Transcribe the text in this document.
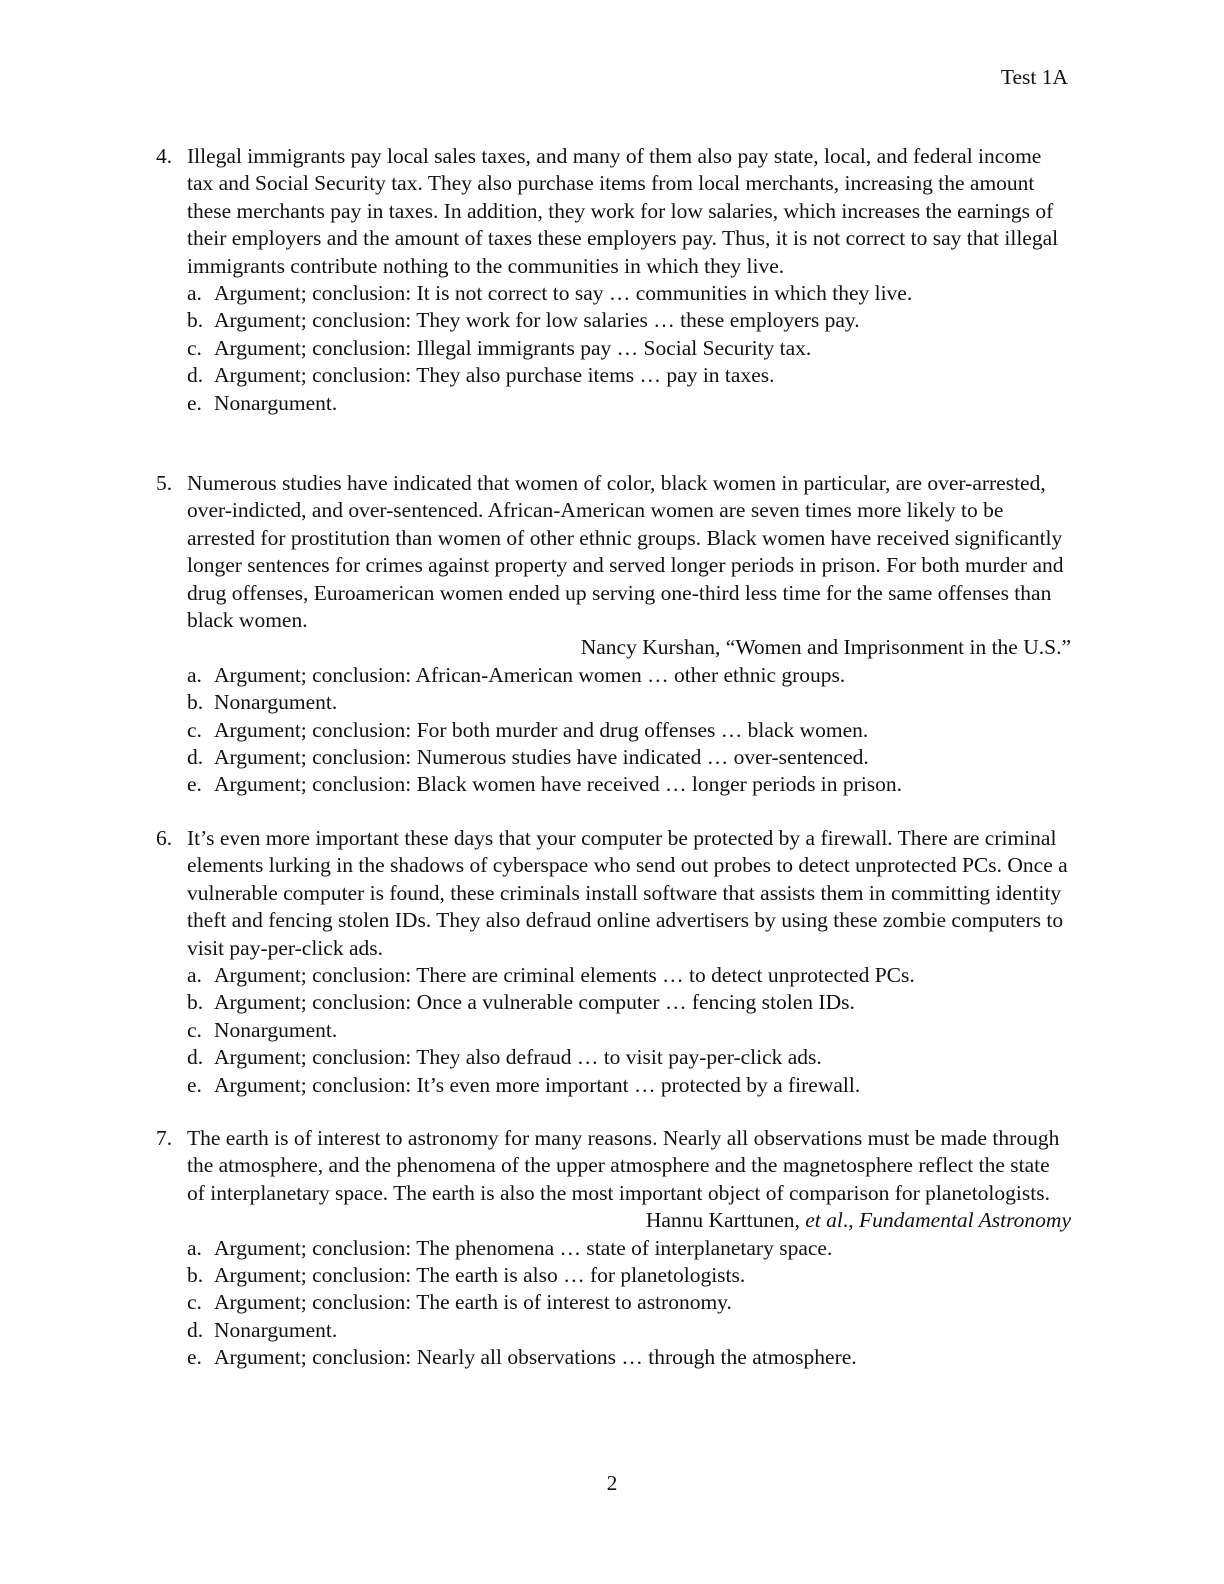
Test 1A
4. Illegal immigrants pay local sales taxes, and many of them also pay state, local, and federal income tax and Social Security tax. They also purchase items from local merchants, increasing the amount these merchants pay in taxes. In addition, they work for low salaries, which increases the earnings of their employers and the amount of taxes these employers pay. Thus, it is not correct to say that illegal immigrants contribute nothing to the communities in which they live.
a. Argument; conclusion: It is not correct to say … communities in which they live.
b. Argument; conclusion: They work for low salaries … these employers pay.
c. Argument; conclusion: Illegal immigrants pay … Social Security tax.
d. Argument; conclusion: They also purchase items … pay in taxes.
e. Nonargument.
5. Numerous studies have indicated that women of color, black women in particular, are over-arrested, over-indicted, and over-sentenced. African-American women are seven times more likely to be arrested for prostitution than women of other ethnic groups. Black women have received significantly longer sentences for crimes against property and served longer periods in prison. For both murder and drug offenses, Euroamerican women ended up serving one-third less time for the same offenses than black women.
Nancy Kurshan, “Women and Imprisonment in the U.S.”
a. Argument; conclusion: African-American women … other ethnic groups.
b. Nonargument.
c. Argument; conclusion: For both murder and drug offenses … black women.
d. Argument; conclusion: Numerous studies have indicated … over-sentenced.
e. Argument; conclusion: Black women have received … longer periods in prison.
6. It’s even more important these days that your computer be protected by a firewall. There are criminal elements lurking in the shadows of cyberspace who send out probes to detect unprotected PCs. Once a vulnerable computer is found, these criminals install software that assists them in committing identity theft and fencing stolen IDs. They also defraud online advertisers by using these zombie computers to visit pay-per-click ads.
a. Argument; conclusion: There are criminal elements … to detect unprotected PCs.
b. Argument; conclusion: Once a vulnerable computer … fencing stolen IDs.
c. Nonargument.
d. Argument; conclusion: They also defraud … to visit pay-per-click ads.
e. Argument; conclusion: It’s even more important … protected by a firewall.
7. The earth is of interest to astronomy for many reasons. Nearly all observations must be made through the atmosphere, and the phenomena of the upper atmosphere and the magnetosphere reflect the state of interplanetary space. The earth is also the most important object of comparison for planetologists.
Hannu Karttunen, et al., Fundamental Astronomy
a. Argument; conclusion: The phenomena … state of interplanetary space.
b. Argument; conclusion: The earth is also … for planetologists.
c. Argument; conclusion: The earth is of interest to astronomy.
d. Nonargument.
e. Argument; conclusion: Nearly all observations … through the atmosphere.
2
